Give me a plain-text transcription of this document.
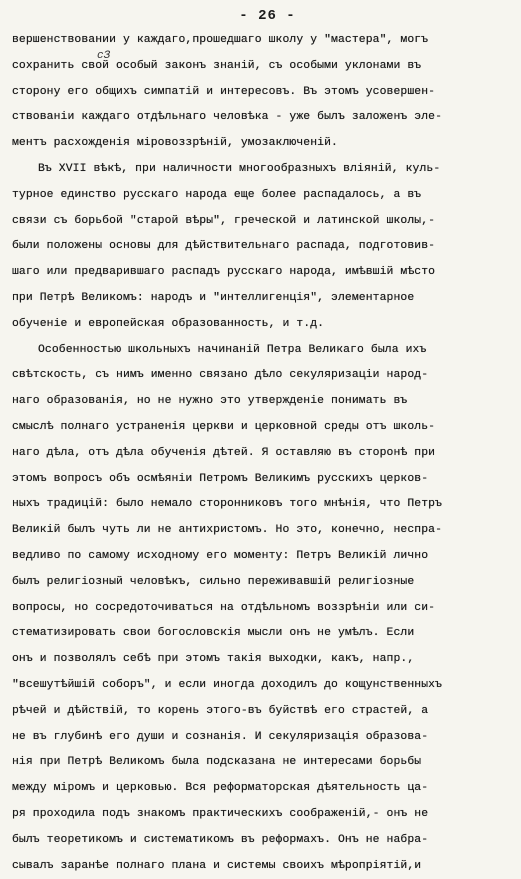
- 26 -
сЗ

вершенствовании у каждаго,прошедшаго школу у "мастера", могъ
сохранить свой особый законъ знаній, съ особыми уклонами въ
сторону его общихъ симпатій и интересовъ. Въ этомъ усовершен-
ствованіи каждаго отдѣльнаго человѣка - уже былъ заложенъ эле-
ментъ расхожденія міровоззрѣній, умозаключеній.

Въ XVII вѣкѣ, при наличности многообразныхъ вліяній, куль-
турное единство русскаго народа еще более распадалось, а въ
связи съ борьбой "старой вѣры", греческой и латинской школы,-
были положены основы для дѣйствительнаго распада, подготовив-
шаго или предварившаго распадъ русскаго народа, имѣвшій мѣсто
при Петрѣ Великомъ: народъ и "интеллигенція", элементарное
обученіе и европейская образованность, и т.д.

Особенностью школьныхъ начинаній Петра Великаго была ихъ
свѣтскость, съ нимъ именно связано дѣло секуляризаціи народ-
наго образованія, но не нужно это утвержденіе понимать въ
смыслѣ полнаго устраненія церкви и церковной среды отъ школь-
наго дѣла, отъ дѣла обученія дѣтей. Я оставляю въ сторонѣ при
этомъ вопросъ объ осмѣяніи Петромъ Великимъ русскихъ церков-
ныхъ традицій: было немало сторонниковъ того мнѣнія, что Петръ
Великій былъ чуть ли не антихристомъ. Но это, конечно, неспра-
ведливо по самому исходному его моменту: Петръ Великій лично
былъ религіозный человѣкъ, сильно переживавшій религіозные
вопросы, но сосредоточиваться на отдѣльномъ воззрѣніи или си-
стематизировать свои богословскія мысли онъ не умѣлъ. Если
онъ и позволялъ себѣ при этомъ такія выходки, какъ, напр.,
"всешутѣйшій соборъ", и если иногда доходилъ до кощунственныхъ
рѣчей и дѣйствій, то корень этого-въ буйствѣ его страстей, а
не въ глубинѣ его души и сознанія. И секуляризація образова-
нія при Петрѣ Великомъ была подсказана не интересами борьбы
между міромъ и церковью. Вся реформаторская дѣятельность ца-
ря проходила подъ знакомъ практическихъ соображеній,- онъ не
былъ теоретикомъ и систематикомъ въ реформахъ. Онъ не набра-
сывалъ заранѣе полнаго плана и системы своихъ мѣропріятій,и
